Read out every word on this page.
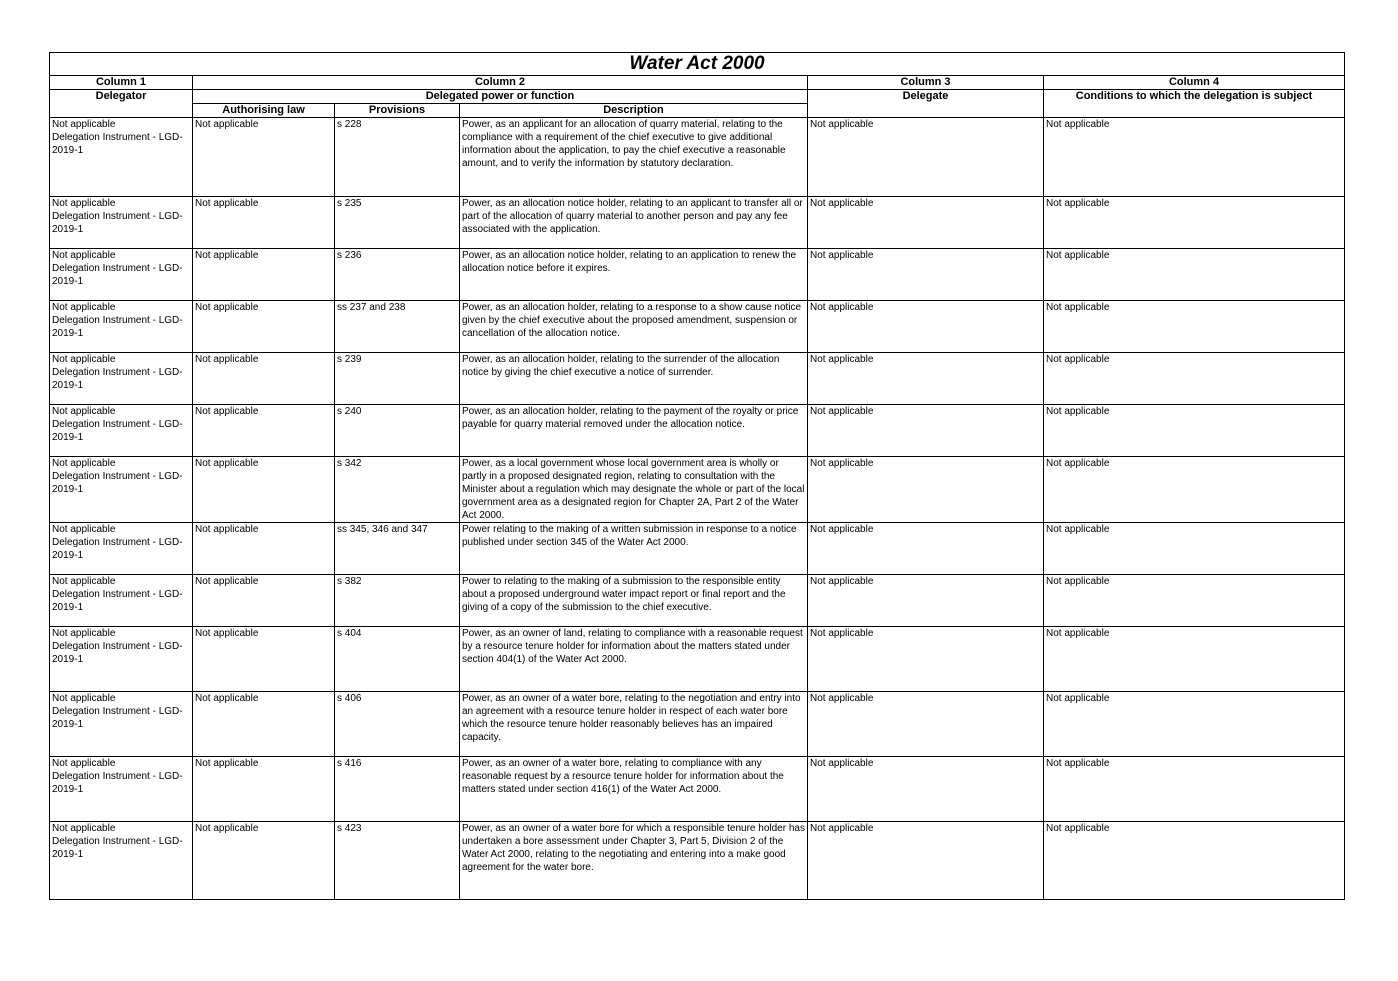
Water Act 2000					
Column 1	Column 2			Column 3	Column 4
Delegator	Delegated power or function			Delegate	Conditions to which the delegation is subject
	Authorising law	Provisions	Description		
Not applicable
Delegation Instrument - LGD-2019-1	Not applicable	s 228	Power, as an applicant for an allocation of quarry material, relating to the compliance with a requirement of the chief executive to give additional information about the application, to pay the chief executive a reasonable amount, and to verify the information by statutory declaration.	Not applicable	Not applicable
Not applicable
Delegation Instrument - LGD-2019-1	Not applicable	s 235	Power, as an allocation notice holder, relating to an applicant to transfer all or part of the allocation of quarry material to another person and pay any fee associated with the application.	Not applicable	Not applicable
Not applicable
Delegation Instrument - LGD-2019-1	Not applicable	s 236	Power, as an allocation notice holder, relating to an application to renew the allocation notice before it expires.	Not applicable	Not applicable
Not applicable
Delegation Instrument - LGD-2019-1	Not applicable	ss 237 and 238	Power, as an allocation holder, relating to a response to a show cause notice given by the chief executive about the proposed amendment, suspension or cancellation of the allocation notice.	Not applicable	Not applicable
Not applicable
Delegation Instrument - LGD-2019-1	Not applicable	s 239	Power, as an allocation holder, relating to the surrender of the allocation notice by giving the chief executive a notice of surrender.	Not applicable	Not applicable
Not applicable
Delegation Instrument - LGD-2019-1	Not applicable	s 240	Power, as an allocation holder, relating to the payment of the royalty or price payable for quarry material removed under the allocation notice.	Not applicable	Not applicable
Not applicable
Delegation Instrument - LGD-2019-1	Not applicable	s 342	Power, as a local government whose local government area is wholly or partly in a proposed designated region, relating to consultation with the Minister about a regulation which may designate the whole or part of the local government area as a designated region for Chapter 2A, Part 2 of the Water Act 2000.	Not applicable	Not applicable
Not applicable
Delegation Instrument - LGD-2019-1	Not applicable	ss 345, 346 and 347	Power relating to the making of a written submission in response to a notice published under section 345 of the Water Act 2000.	Not applicable	Not applicable
Not applicable
Delegation Instrument - LGD-2019-1	Not applicable	s 382	Power to relating to the making of a submission to the responsible entity about a proposed underground water impact report or final report and the giving of a copy of the submission to the chief executive.	Not applicable	Not applicable
Not applicable
Delegation Instrument - LGD-2019-1	Not applicable	s 404	Power, as an owner of land, relating to compliance with a reasonable request by a resource tenure holder for information about the matters stated under section 404(1) of the Water Act 2000.	Not applicable	Not applicable
Not applicable
Delegation Instrument - LGD-2019-1	Not applicable	s 406	Power, as an owner of a water bore, relating to the negotiation and entry into an agreement with a resource tenure holder in respect of each water bore which the resource tenure holder reasonably believes has an impaired capacity.	Not applicable	Not applicable
Not applicable
Delegation Instrument - LGD-2019-1	Not applicable	s 416	Power, as an owner of a water bore, relating to compliance with any reasonable request by a resource tenure holder for information about the matters stated under section 416(1) of the Water Act 2000.	Not applicable	Not applicable
Not applicable
Delegation Instrument - LGD-2019-1	Not applicable	s 423	Power, as an owner of a water bore for which a responsible tenure holder has undertaken a bore assessment under Chapter 3, Part 5, Division 2 of the Water Act 2000, relating to the negotiating and entering into a make good agreement for the water bore.	Not applicable	Not applicable
